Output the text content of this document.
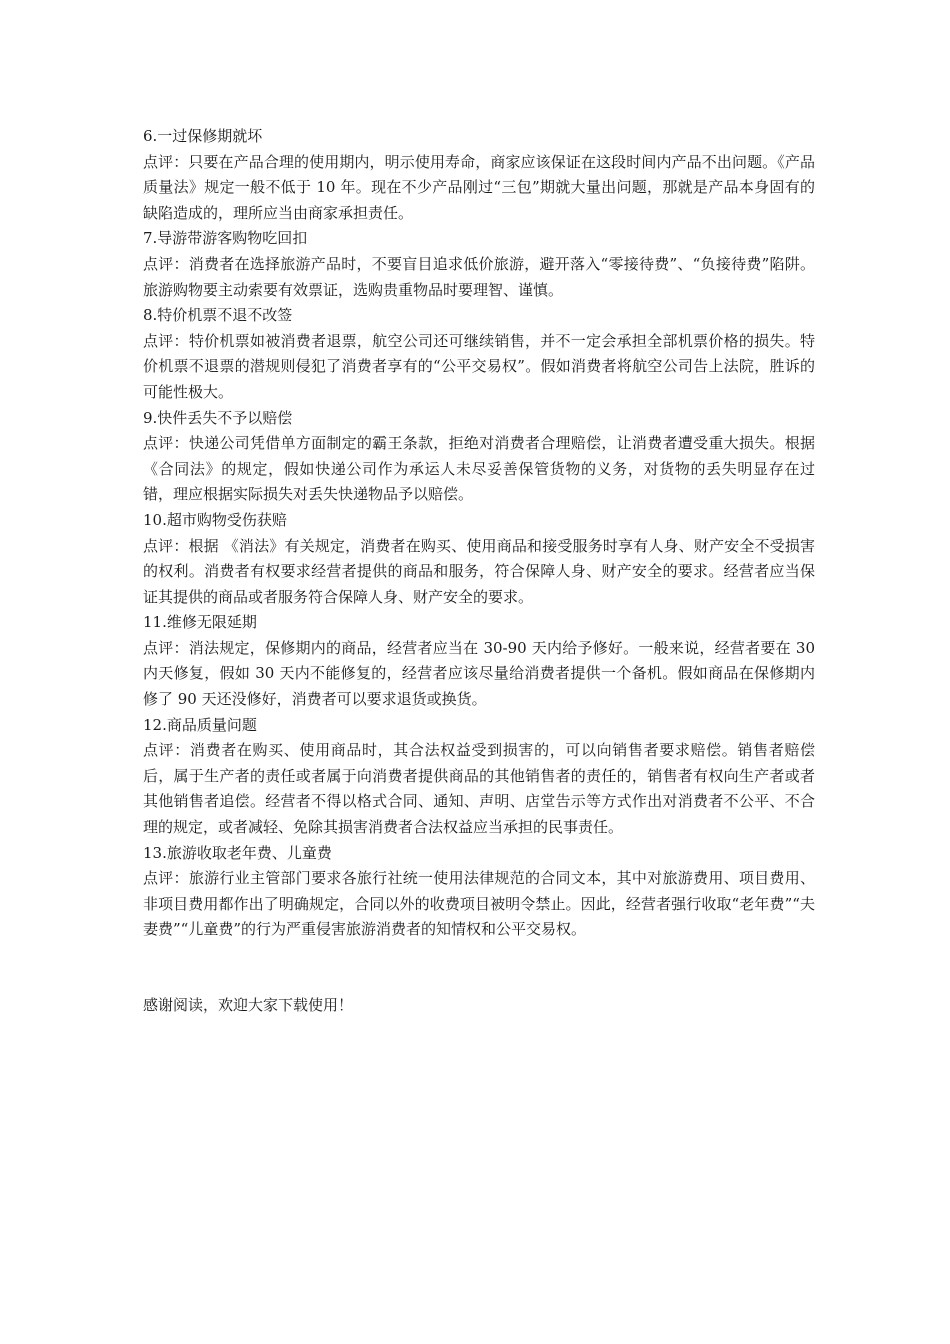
6.一过保修期就坏

点评：只要在产品合理的使用期内，明示使用寿命，商家应该保证在这段时间内产品不出问题。《产品质量法》规定一般不低于 10 年。现在不少产品刚过“三包”期就大量出问题，那就是产品本身固有的缺陷造成的，理所应当由商家承担责任。

7.导游带游客购物吃回扣

点评：消费者在选择旅游产品时，不要盲目追求低价旅游，避开落入“零接待费”、“负接待费”陷阱。旅游购物要主动索要有效票证，选购贵重物品时要理智、谨慎。

8.特价机票不退不改签

点评：特价机票如被消费者退票，航空公司还可继续销售，并不一定会承担全部机票价格的损失。特价机票不退票的潜规则侵犯了消费者享有的“公平交易权”。假如消费者将航空公司告上法院，胜诉的可能性极大。

9.快件丢失不予以赔偿

点评：快递公司凭借单方面制定的霸王条款，拒绝对消费者合理赔偿，让消费者遭受重大损失。根据《合同法》的规定，假如快递公司作为承运人未尽妥善保管货物的义务，对货物的丢失明显存在过错，理应根据实际损失对丢失快递物品予以赔偿。

10.超市购物受伤获赔

点评：根据 《消法》有关规定，消费者在购买、使用商品和接受服务时享有人身、财产安全不受损害的权利。消费者有权要求经营者提供的商品和服务，符合保障人身、财产安全的要求。经营者应当保证其提供的商品或者服务符合保障人身、财产安全的要求。

11.维修无限延期

点评：消法规定，保修期内的商品，经营者应当在 30-90 天内给予修好。一般来说，经营者要在 30 内天修复，假如 30 天内不能修复的，经营者应该尽量给消费者提供一个备机。假如商品在保修期内修了 90 天还没修好，消费者可以要求退货或换货。

12.商品质量问题

点评：消费者在购买、使用商品时，其合法权益受到损害的，可以向销售者要求赔偿。销售者赔偿后，属于生产者的责任或者属于向消费者提供商品的其他销售者的责任的，销售者有权向生产者或者其他销售者追偿。经营者不得以格式合同、通知、声明、店堂告示等方式作出对消费者不公平、不合理的规定，或者减轻、免除其损害消费者合法权益应当承担的民事责任。

13.旅游收取老年费、儿童费

点评：旅游行业主管部门要求各旅行社统一使用法律规范的合同文本，其中对旅游费用、项目费用、非项目费用都作出了明确规定，合同以外的收费项目被明令禁止。因此，经营者强行收取“老年费”“夫妻费”“儿童费”的行为严重侵害旅游消费者的知情权和公平交易权。

感谢阅读，欢迎大家下载使用！
